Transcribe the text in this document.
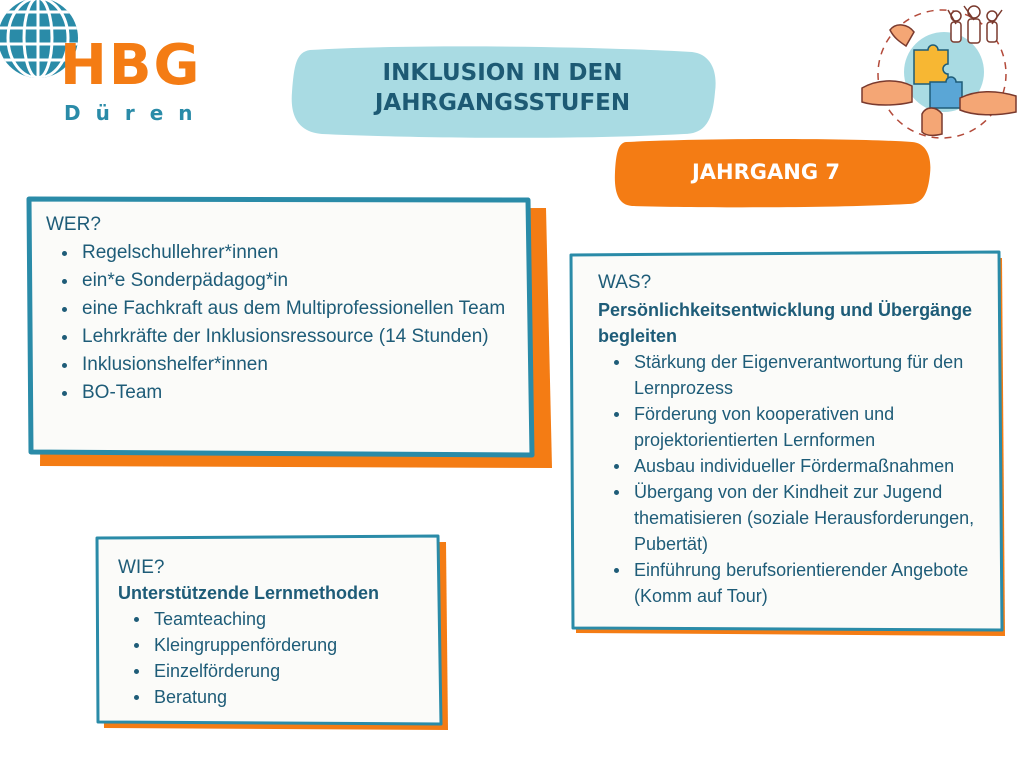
HBG
Düren
INKLUSION IN DEN JAHRGANGSSTUFEN
JAHRGANG 7
WER?
Regelschullehrer*innen
ein*e Sonderpädagog*in
eine Fachkraft aus dem Multiprofessionellen Team
Lehrkräfte der Inklusionsressource (14 Stunden)
Inklusionshelfer*innen
BO-Team
WAS?
Persönlichkeitsentwicklung und Übergänge begleiten
Stärkung der Eigenverantwortung für den Lernprozess
Förderung von kooperativen und projektorientierten Lernformen
Ausbau individueller Fördermaßnahmen
Übergang von der Kindheit zur Jugend thematisieren (soziale Herausforderungen, Pubertät)
Einführung berufsorientierender Angebote (Komm auf Tour)
WIE?
Unterstützende Lernmethoden
Teamteaching
Kleingruppenförderung
Einzelförderung
Beratung
